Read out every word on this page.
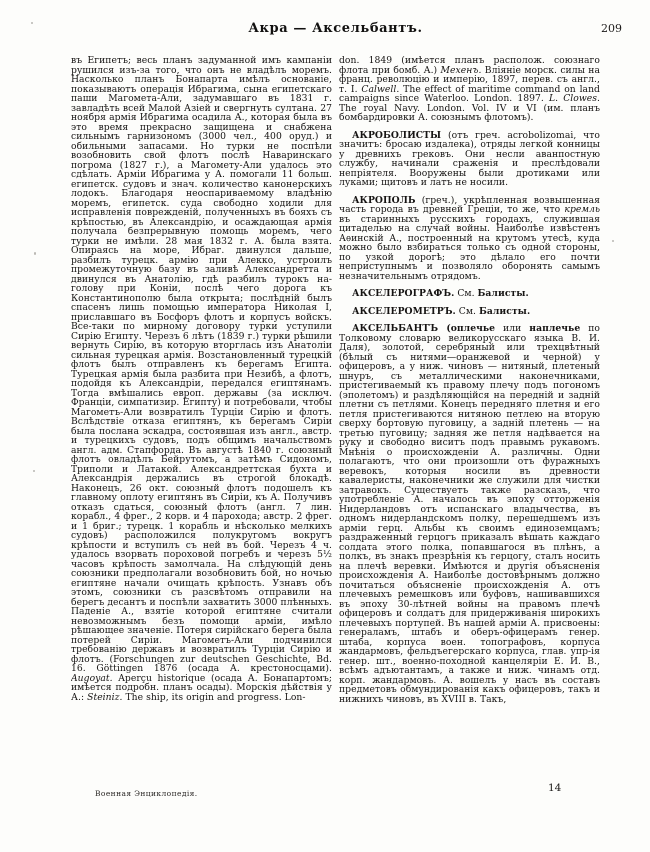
Акра — Аксельбантъ.	209

въ Египетъ; весь планъ задуманной имъ кампаніи рушился изъ-за того, что онъ не владѣлъ моремъ. Насколько планъ Бонапарта имѣлъ основаніе, показываютъ операція Ибрагима, сына египетскаго паши Магомета-Али, задумавшаго въ 1831 г. завладѣть всей Малой Азіей и свергнуть султана. 27 ноября армія Ибрагима осадила А., которая была въ это время прекрасно защищена и снабжена сильнымъ гарнизономъ (3000 чел., 400 оруд.) и обильными запасами. Но турки не поспѣли возобновить свой флотъ послѣ Наваринскаго погрома (1827 г.), а Магомету-Али удалось это сдѣлать. Арміи Ибрагима у А. помогали 11 больш. египетск. судовъ и знач. количество канонерскихъ лодокъ. Благодаря неоспариваемому владѣнію моремъ, египетск. суда свободно ходили для исправленія поврежденій, полученныхъ въ бояхъ съ крѣпостью, въ Александрію, и осаждающая армія получала безпрерывную помощь моремъ, чего турки не имѣли. 28 мая 1832 г. А. была взята. Опираясь на море, Ибраг. двинулся дальше, разбилъ турецк. армію при Алекко, устроилъ промежуточную базу въ заливѣ Александретта и двинулся въ Анатолію, гдѣ разбилъ турокъ на-голову при Коніи, послѣ чего дорога къ Константинополю была открыта; послѣдній былъ спасенъ лишь помощью императора Николая I, приславшаго въ Босфоръ флотъ и корпусъ войскъ. Все-таки по мирному договору турки уступили Сирію Египту. Черезъ 6 лѣтъ (1839 г.) турки рѣшили вернуть Сирію, въ которую вторглась изъ Анатоліи сильная турецкая армія. Возстановленный турецкій флотъ былъ отправленъ къ берегамъ Египта. Турецкая армія была разбита при Незибѣ, а флотъ, подойдя къ Александріи, передался египтянамъ. Тогда вмѣшались европ. державы (за исключ. Франціи, симпатизир. Египту) и потребовали, чтобы Магометъ-Али возвратилъ Турціи Сирію и флотъ. Вслѣдствіе отказа египтянъ, къ берегамъ Сиріи была послана эскадра, состоявшая изъ англ., австр. и турецкихъ судовъ, подъ общимъ начальствомъ англ. адм. Стапфорда. Въ августѣ 1840 г. союзный флотъ овладѣлъ Бейрутомъ, а затѣмъ Сидономъ, Триполи и Латакой. Александреттская бухта и Александрія держались въ строгой блокадѣ. Наконецъ, 26 окт. союзный флотъ подошелъ къ главному оплоту египтянъ въ Сиріи, къ А. Получивъ отказъ сдаться, союзный флотъ (англ. 7 лин. корабл., 4 фрег., 2 корв. и 4 парохода; австр. 2 фрег. и 1 бриг.; турецк. 1 корабль и нѣсколько мелкихъ судовъ) расположился полукругомъ вокругъ крѣпости и вступилъ съ ней въ бой. Черезъ 4 ч. удалось взорвать пороховой погребъ и черезъ 5½ часовъ крѣпость замолчала. На слѣдующій день союзники предполагали возобновить бой, но ночью египтяне начали очищать крѣпость. Узнавъ объ этомъ, союзники съ разсвѣтомъ отправили на берегъ десантъ и поспѣли захватить 3000 плѣнныхъ. Паденіе А., взятіе которой египтяне считали невозможнымъ безъ помощи арміи, имѣло рѣшающее значеніе. Потеря сирійскаго берега была потерей Сиріи. Магометъ-Али подчинился требованію державъ и возвратилъ Турціи Сирію и флотъ. (Forschungen zur deutschen Geschichte, Bd. 16. Göttingen 1876 (осада А. крестоносцами). Augoyat. Aperçu historique (осада А. Бонапартомъ; имѣется подробн. планъ осады). Морскія дѣйствія у А.: Steiniz. The ship, its origin and progress. Lon-

don. 1849 (имѣется планъ располож. союзнаго флота при бомб. А.) Мехенъ. Вліяніе морск. силы на франц. революцію и имперію, 1897, перев. съ англ., т. I. Calwell. The effect of maritime command on land campaigns since Waterloo. London. 1897. L. Clowes. The royal Navy. London. Vol. IV и VI (им. планъ бомбардировки А. союзнымъ флотомъ).

АКРОБОЛИСТЫ (отъ греч. acrobolizomai, что значитъ: бросаю издалека), отряды легкой конницы у древнихъ грековъ. Они несли аванпостную службу, начинали сраженія и преслѣдовали непріятеля. Вооружены были дротиками или луками; щитовъ и латъ не носили.

АКРОПОЛЬ (греч.), укрѣпленная возвышенная часть города въ древней Греціи, то же, что кремль въ старинныхъ русскихъ городахъ, служившая цитаделью на случай войны. Наиболѣе извѣстенъ Аѳинскій А., построенный на крутомъ утесѣ, куда можно было взбираться только съ одной стороны, по узкой дорогѣ; это дѣлало его почти неприступнымъ и позволяло оборонять самымъ незначительнымъ отрядомъ.

АКСЕЛЕРОГРАФЪ. См. Балисты.

АКСЕЛЕРОМЕТРЪ. См. Балисты.

АКСЕЛЬБАНТЪ (оплечье или наплечье по Толковому словарю великорусскаго языка В. И. Даля), золотой, серебряный или трехцвѣтный (бѣлый съ нитями—оранжевой и черной) у офицеровъ, а у ниж. чиновъ — нитяный, плетеный шнуръ, съ металлическими наконечниками, пристегиваемый къ правому плечу подъ погономъ (эполетомъ) и раздѣляющійся на передній и задній плетни съ петлями. Конецъ передняго плетня и его петля пристегиваются нитяною петлею на вторую сверху бортовую пуговицу, а задній плетень — на третью пуговицу; задняя же петля надѣвается на руку и свободно виситъ подъ правымъ рукавомъ. Мнѣнія о происхожденіи А. различны. Одни полагаютъ, что они произошли отъ фуражныхъ веревокъ, которыя носили въ древности кавалеристы, наконечники же служили для чистки затравокъ. Существуетъ также разсказъ, что употребленіе А. началось въ эпоху отторженія Нидерландовъ отъ испанскаго владычества, въ одномъ нидерландскомъ полку, перешедшемъ изъ арміи герц. Альбы къ своимъ единоземцамъ; раздраженный герцогъ приказалъ вѣшать каждаго солдата этого полка, попавшагося въ плѣнъ, а полкъ, въ знакъ презрѣнія къ герцогу, сталъ носить на плечѣ веревки. Имѣются и другія объясненія происхожденія А. Наиболѣе достовѣрнымъ должно почитаться объясненіе происхожденія А. отъ плечевыхъ ремешковъ или буфовъ, нашивавшихся въ эпоху 30-лѣтней войны на правомъ плечѣ офицеровъ и солдатъ для придерживанія широкихъ плечевыхъ портупей. Въ нашей арміи А. присвоены: генераламъ, штабъ и оберъ-офицерамъ генер. штаба, корпуса воен. топографовъ, корпуса жандармовъ, фельдъегерскаго корпуса, глав. упр-ія генер. шт., военно-походной канцеляріи Е. И. В., всѣмъ адъютантамъ, а также и ниж. чинамъ отд. корп. жандармовъ. А. вошелъ у насъ въ составъ предметовъ обмундированія какъ офицеровъ, такъ и нижнихъ чиновъ, въ XVIII в. Такъ,

Военная Энциклопедія.	14
